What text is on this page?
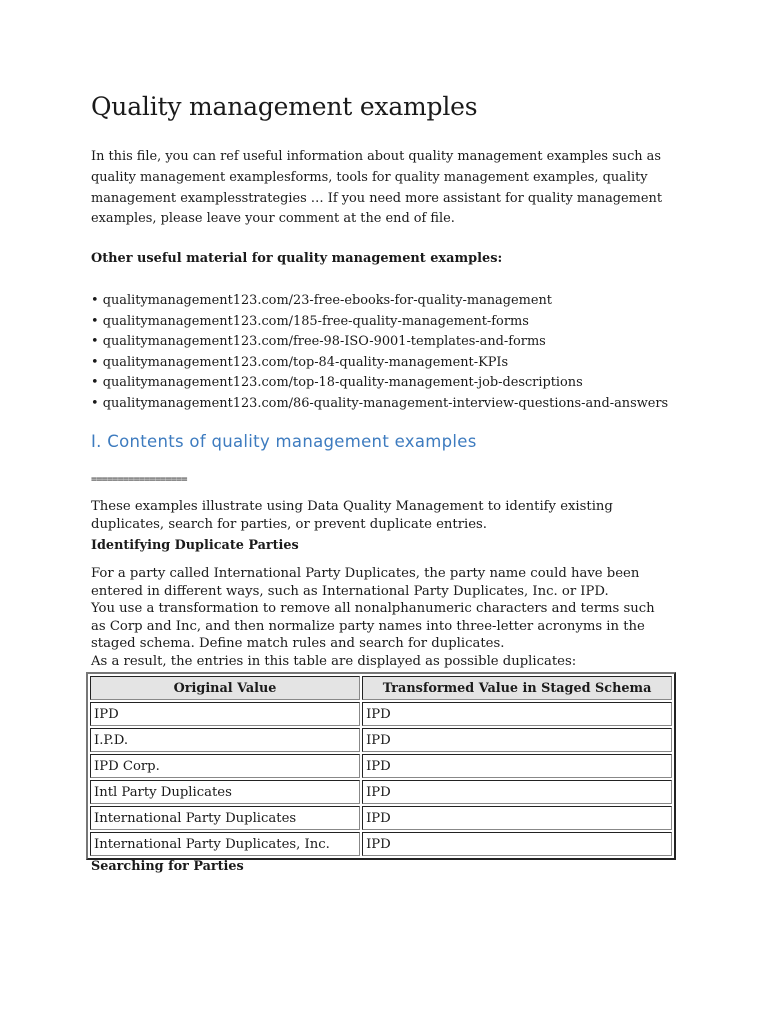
Quality management examples

In this file, you can ref useful information about quality management examples such as quality management examplesforms, tools for quality management examples, quality management examplesstrategies … If you need more assistant for quality management examples, please leave your comment at the end of file.

Other useful material for quality management examples:

• qualitymanagement123.com/23-free-ebooks-for-quality-management
• qualitymanagement123.com/185-free-quality-management-forms
• qualitymanagement123.com/free-98-ISO-9001-templates-and-forms
• qualitymanagement123.com/top-84-quality-management-KPIs
• qualitymanagement123.com/top-18-quality-management-job-descriptions
• qualitymanagement123.com/86-quality-management-interview-questions-and-answers
I. Contents of quality management examples
==================

These examples illustrate using Data Quality Management to identify existing duplicates, search for parties, or prevent duplicate entries.

Identifying Duplicate Parties

For a party called International Party Duplicates, the party name could have been entered in different ways, such as International Party Duplicates, Inc. or IPD.
You use a transformation to remove all nonalphanumeric characters and terms such as Corp and Inc, and then normalize party names into three-letter acronyms in the staged schema. Define match rules and search for duplicates.
As a result, the entries in this table are displayed as possible duplicates:
Original Value	Transformed Value in Staged Schema
IPD	IPD
I.P.D.	IPD
IPD Corp.	IPD
Intl Party Duplicates	IPD
International Party Duplicates	IPD
International Party Duplicates, Inc.	IPD

Searching for Parties
